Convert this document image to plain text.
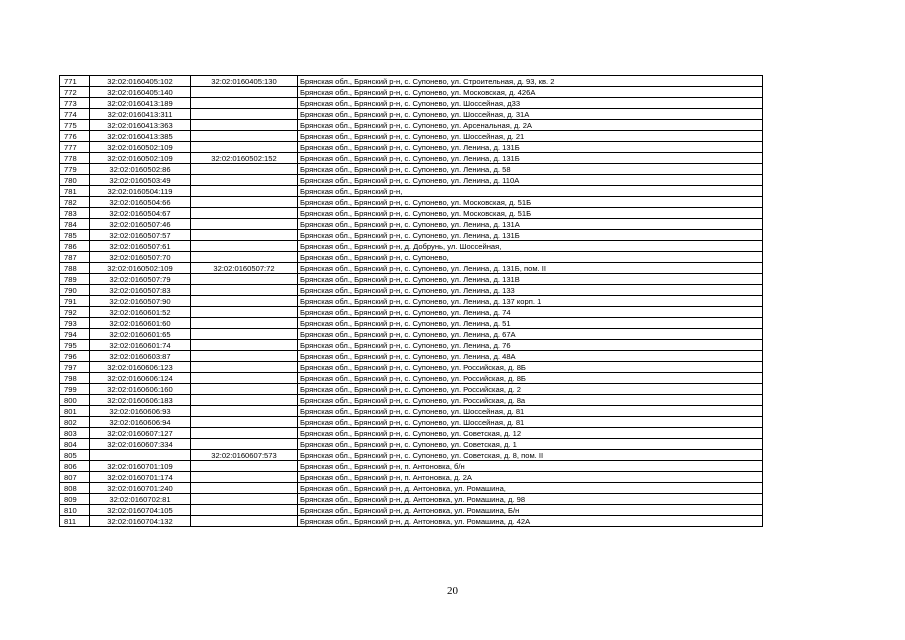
771	32:02:0160405:102	32:02:0160405:130	Брянская обл., Брянский р-н, с. Супонево, ул. Строительная, д. 93, кв. 2
772	32:02:0160405:140		Брянская обл., Брянский р-н, с. Супонево, ул. Московская, д. 426А
773	32:02:0160413:189		Брянская обл., Брянский р-н, с. Супонево, ул. Шоссейная, д33
774	32:02:0160413:311		Брянская обл., Брянский р-н, с. Супонево, ул. Шоссейная, д. 31А
775	32:02:0160413:363		Брянская обл., Брянский р-н, с. Супонево, ул. Арсенальная, д. 2А
776	32:02:0160413:385		Брянская обл., Брянский р-н, с. Супонево, ул. Шоссейная, д. 21
777	32:02:0160502:109		Брянская обл., Брянский р-н, с. Супонево, ул. Ленина, д. 131Б
778	32:02:0160502:109	32:02:0160502:152	Брянская обл., Брянский р-н, с. Супонево, ул. Ленина, д. 131Б
779	32:02:0160502:86		Брянская обл., Брянский р-н, с. Супонево, ул. Ленина, д. 58
780	32:02:0160503:49		Брянская обл., Брянский р-н, с. Супонево, ул. Ленина, д. 110А
781	32:02:0160504:119		Брянская обл., Брянский р-н,
782	32:02:0160504:66		Брянская обл., Брянский р-н, с. Супонево, ул. Московская, д. 51Б
783	32:02:0160504:67		Брянская обл., Брянский р-н, с. Супонево, ул. Московская, д. 51Б
784	32:02:0160507:46		Брянская обл., Брянский р-н, с. Супонево, ул. Ленина, д. 131А
785	32:02:0160507:57		Брянская обл., Брянский р-н, с. Супонево, ул. Ленина, д. 131Б
786	32:02:0160507:61		Брянская обл., Брянский р-н, д. Добрунь, ул. Шоссейная,
787	32:02:0160507:70		Брянская обл., Брянский р-н, с. Супонево,
788	32:02:0160502:109	32:02:0160507:72	Брянская обл., Брянский р-н, с. Супонево, ул. Ленина, д. 131Б, пом. II
789	32:02:0160507:79		Брянская обл., Брянский р-н, с. Супонево, ул. Ленина, д. 131В
790	32:02:0160507:83		Брянская обл., Брянский р-н, с. Супонево, ул. Ленина, д. 133
791	32:02:0160507:90		Брянская обл., Брянский р-н, с. Супонево, ул. Ленина, д. 137 корп. 1
792	32:02:0160601:52		Брянская обл., Брянский р-н, с. Супонево, ул. Ленина, д. 74
793	32:02:0160601:60		Брянская обл., Брянский р-н, с. Супонево, ул. Ленина, д. 51
794	32:02:0160601:65		Брянская обл., Брянский р-н, с. Супонево, ул. Ленина, д. 67А
795	32:02:0160601:74		Брянская обл., Брянский р-н, с. Супонево, ул. Ленина, д. 76
796	32:02:0160603:87		Брянская обл., Брянский р-н, с. Супонево, ул. Ленина, д. 48А
797	32:02:0160606:123		Брянская обл., Брянский р-н, с. Супонево, ул. Российская, д. 8Б
798	32:02:0160606:124		Брянская обл., Брянский р-н, с. Супонево, ул. Российская, д. 8Б
799	32:02:0160606:160		Брянская обл., Брянский р-н, с. Супонево, ул. Российская, д. 2
800	32:02:0160606:183		Брянская обл., Брянский р-н, с. Супонево, ул. Российская, д. 8а
801	32:02:0160606:93		Брянская обл., Брянский р-н, с. Супонево, ул. Шоссейная, д. 81
802	32:02:0160606:94		Брянская обл., Брянский р-н, с. Супонево, ул. Шоссейная, д. 81
803	32:02:0160607:127		Брянская обл., Брянский р-н, с. Супонево, ул. Советская, д. 12
804	32:02:0160607:334		Брянская обл., Брянский р-н, с. Супонево, ул. Советская, д. 1
805		32:02:0160607:573	Брянская обл., Брянский р-н, с. Супонево, ул. Советская, д. 8, пом. II
806	32:02:0160701:109		Брянская обл., Брянский р-н, п. Антоновка, б/н
807	32:02:0160701:174		Брянская обл., Брянский р-н, п. Антоновка, д. 2А
808	32:02:0160701:240		Брянская обл., Брянский р-н, д. Антоновка, ул. Ромашина,
809	32:02:0160702:81		Брянская обл., Брянский р-н, д. Антоновка, ул. Ромашина, д. 98
810	32:02:0160704:105		Брянская обл., Брянский р-н, д. Антоновка, ул. Ромашина, Б/н
811	32:02:0160704:132		Брянская обл., Брянский р-н, д. Антоновка, ул. Ромашина, д. 42А
20
